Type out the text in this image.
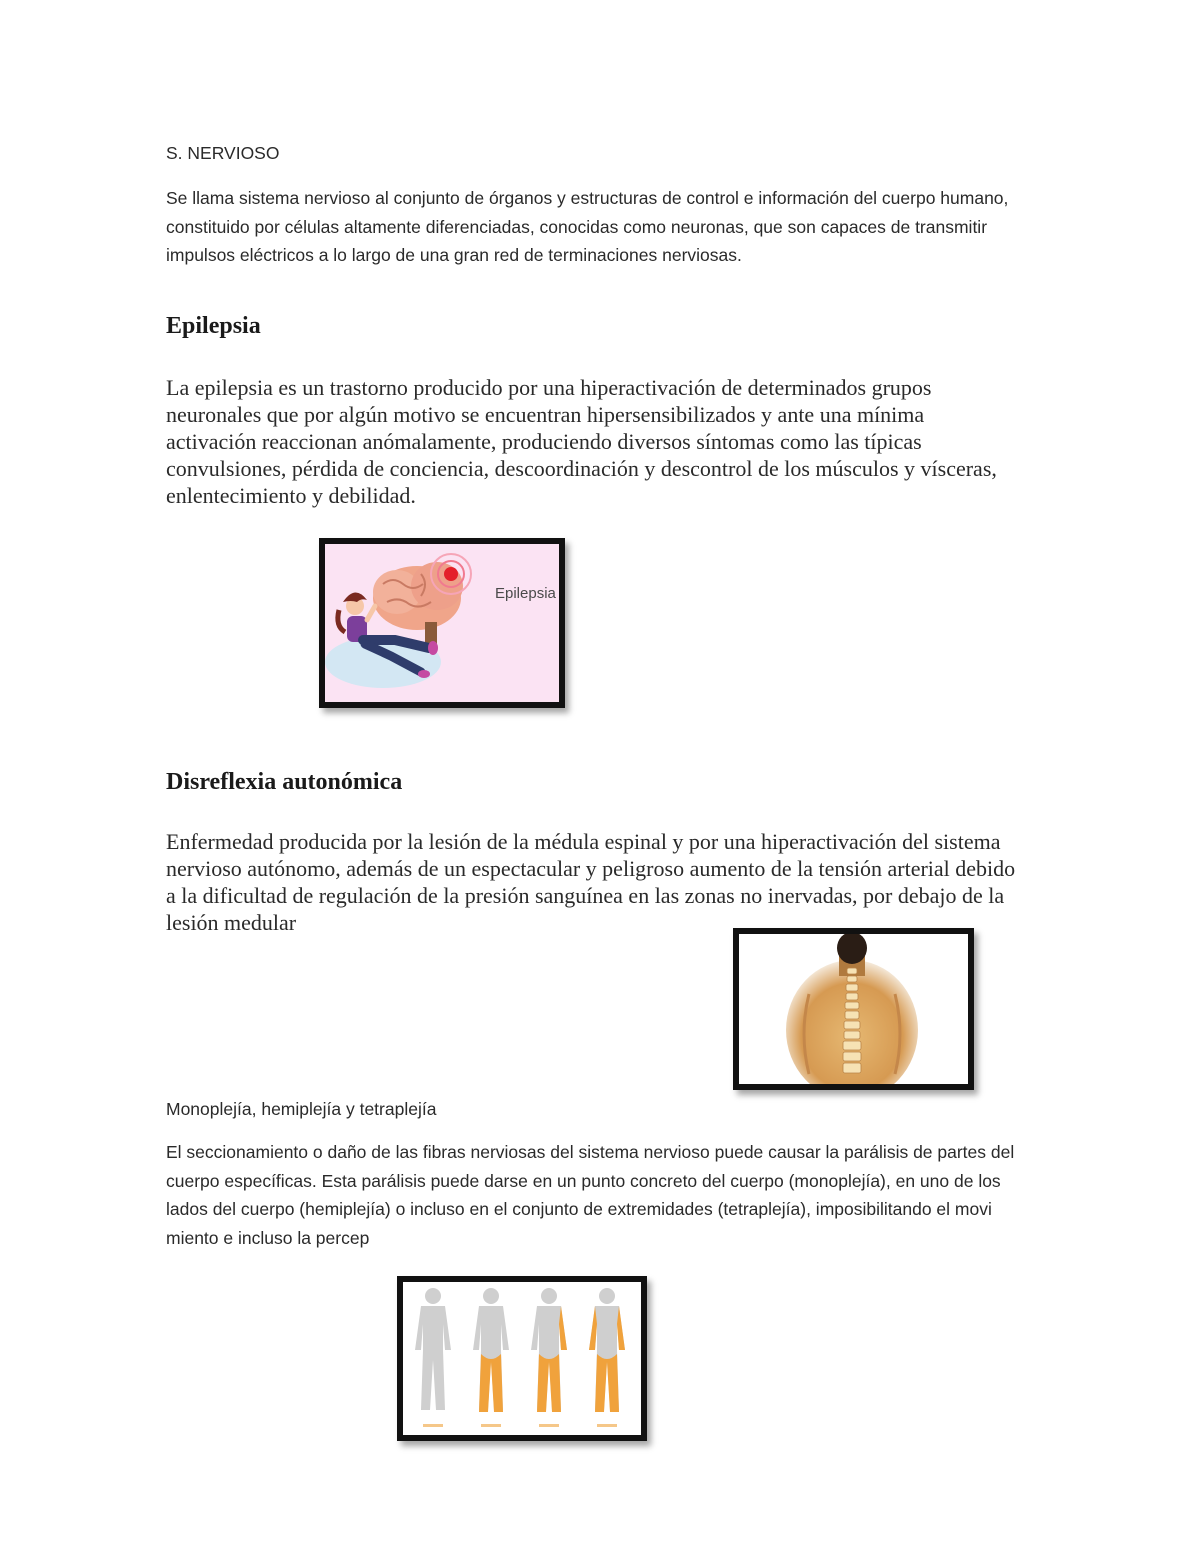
S. NERVIOSO

Se llama sistema nervioso al conjunto de órganos y estructuras de control e información del cuerpo humano, constituido por células altamente diferenciadas, conocidas como neuronas, que son capaces de transmitir impulsos eléctricos a lo largo de una gran red de terminaciones nerviosas.

Epilepsia

La epilepsia es un trastorno producido por una hiperactivación de determinados grupos neuronales que por algún motivo se encuentran hipersensibilizados y ante una mínima activación reaccionan anómalamente, produciendo diversos síntomas como las típicas convulsiones, pérdida de conciencia, descoordinación y descontrol de los músculos y vísceras, enlentecimiento y debilidad.

Epilepsia
Disreflexia autonómica

Enfermedad producida por la lesión de la médula espinal y por una hiperactivación del sistema nervioso autónomo, además de un espectacular y peligroso aumento de la tensión arterial debido a la dificultad de regulación de la presión sanguínea en las zonas no inervadas, por debajo de la lesión medular

Monoplejía, hemiplejía y tetraplejía

El seccionamiento o daño de las fibras nerviosas del sistema nervioso puede causar la parálisis de partes del cuerpo específicas. Esta parálisis puede darse en un punto concreto del cuerpo (monoplejía), en uno de los lados del cuerpo (hemiplejía) o incluso en el conjunto de extremidades (tetraplejía), imposibilitando el movi miento e incluso la percep
